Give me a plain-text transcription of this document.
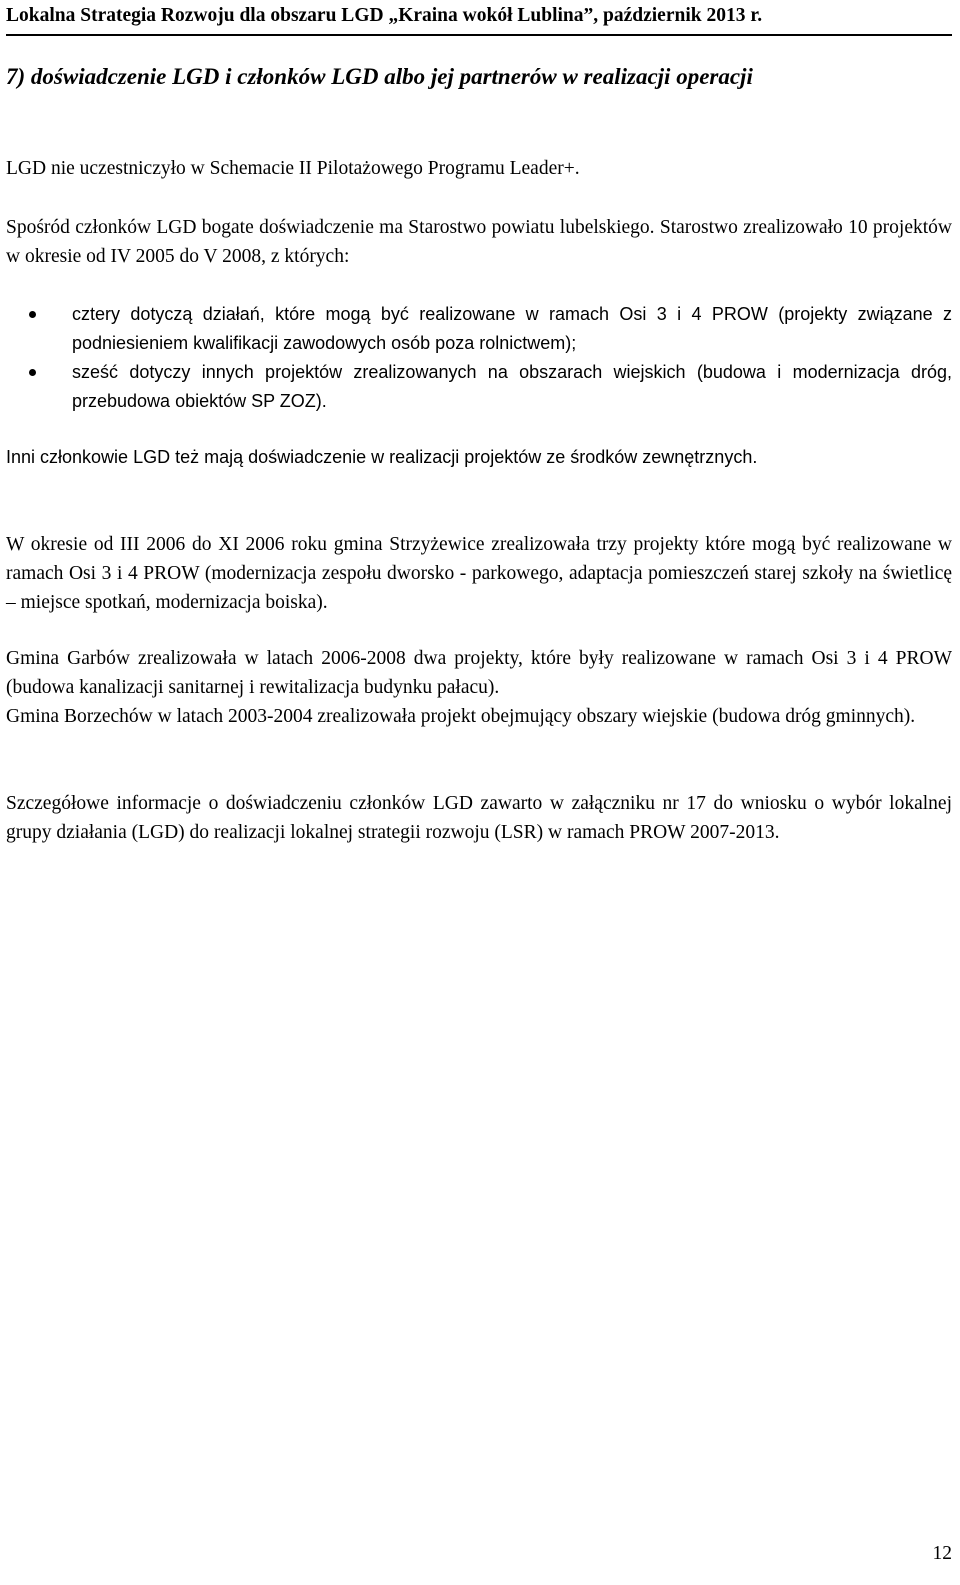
Lokalna Strategia Rozwoju dla obszaru LGD „Kraina wokół Lublina”, październik 2013 r.
7) doświadczenie LGD i członków LGD albo jej partnerów w realizacji operacji

LGD nie uczestniczyło w Schemacie II Pilotażowego Programu Leader+.

Spośród członków LGD bogate doświadczenie ma Starostwo powiatu lubelskiego. Starostwo zrealizowało 10 projektów w okresie od IV 2005 do V 2008, z których:

cztery dotyczą działań, które mogą być realizowane w ramach Osi 3 i 4 PROW (projekty związane z podniesieniem kwalifikacji zawodowych osób poza rolnictwem);
sześć dotyczy innych projektów zrealizowanych na obszarach wiejskich (budowa i modernizacja dróg, przebudowa obiektów SP ZOZ).

Inni członkowie LGD też mają doświadczenie w realizacji projektów ze środków zewnętrznych.

W okresie od III 2006 do XI 2006 roku gmina Strzyżewice zrealizowała trzy projekty które mogą być realizowane w ramach Osi 3 i 4 PROW (modernizacja zespołu dworsko - parkowego, adaptacja pomieszczeń starej szkoły na świetlicę – miejsce spotkań, modernizacja boiska).

Gmina Garbów zrealizowała w latach 2006-2008 dwa projekty, które były realizowane w ramach Osi 3 i 4 PROW (budowa kanalizacji sanitarnej i rewitalizacja budynku pałacu).

Gmina Borzechów w latach 2003-2004 zrealizowała projekt obejmujący obszary wiejskie (budowa dróg gminnych).

Szczegółowe informacje o doświadczeniu członków LGD zawarto w załączniku nr 17 do wniosku o wybór lokalnej grupy działania (LGD) do realizacji lokalnej strategii rozwoju (LSR) w ramach PROW 2007-2013.

12
